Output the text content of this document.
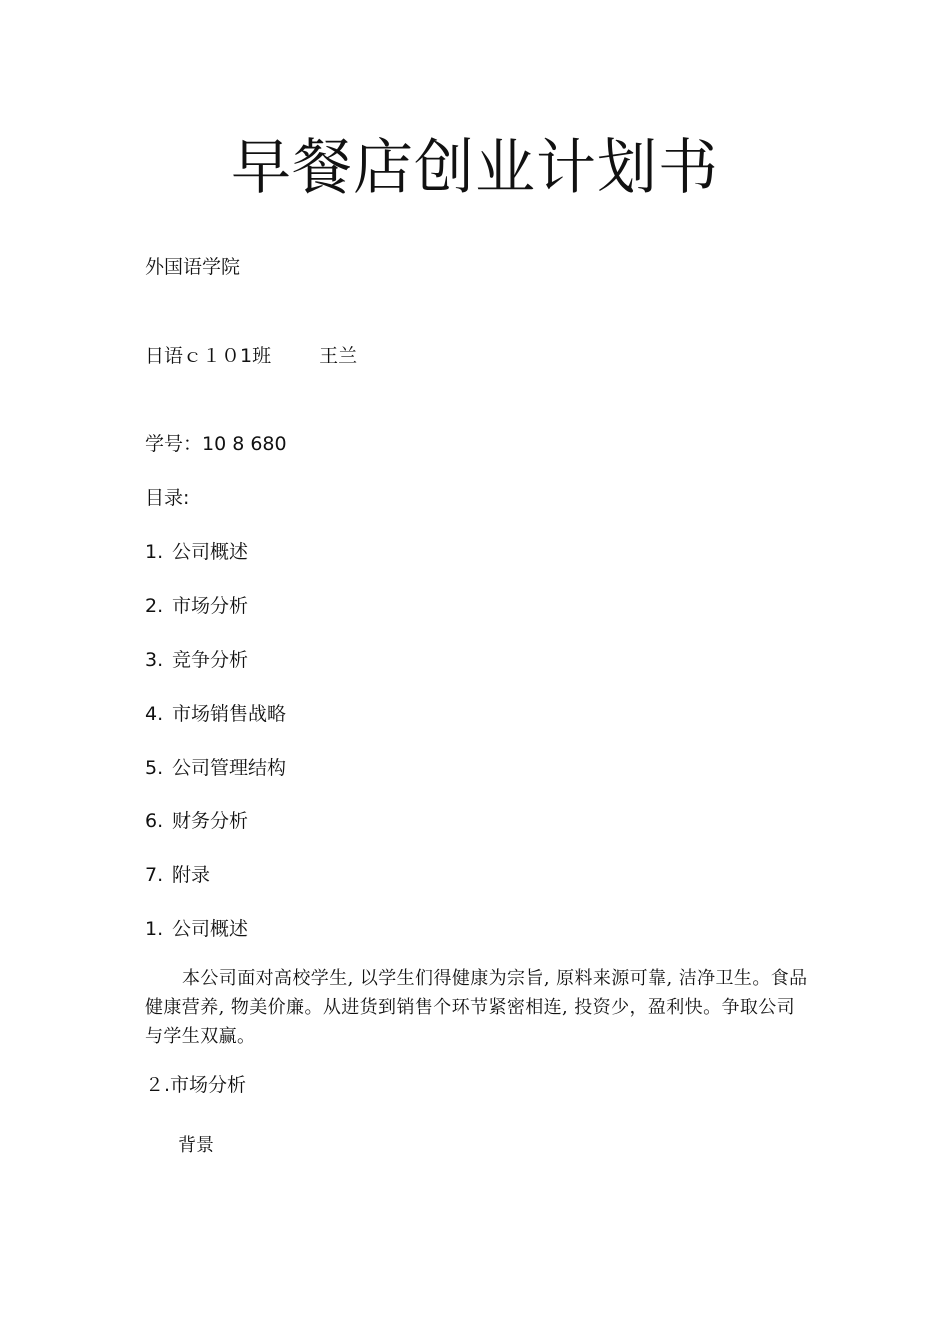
早餐店创业计划书
外国语学院
日语ｃ１０1班	王兰
学号：10 8 680
目录:
1. 公司概述
2. 市场分析
3. 竞争分析
4. 市场销售战略
5. 公司管理结构
6. 财务分析
7. 附录
1. 公司概述

本公司面对高校学生, 以学生们得健康为宗旨, 原料来源可靠, 洁净卫生。食品健康营养, 物美价廉。从进货到销售个环节紧密相连, 投资少，盈利快。争取公司与学生双赢。

２.市场分析
背景
